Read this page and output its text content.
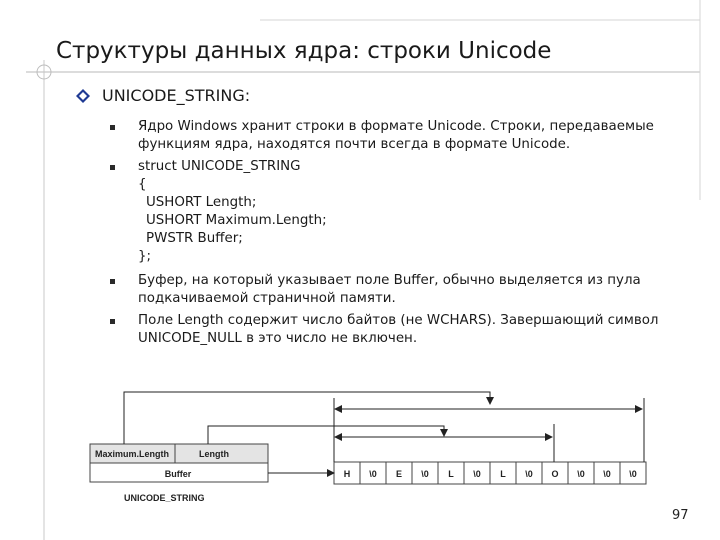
Структуры данных ядра: строки Unicode
UNICODE_STRING:
Ядро Windows хранит строки в формате Unicode. Строки, передаваемые
функциям ядра, находятся почти всегда в формате Unicode.
struct UNICODE_STRING
{
USHORT Length;
USHORT Maximum.Length;
PWSTR Buffer;
};
Буфер, на который указывает поле Buffer, обычно выделяется из пула
подкачиваемой страничной памяти.
Поле Length содержит число байтов (не WCHARS). Завершающий символ
UNICODE_NULL в это число не включен.
Maximum.Length	Length
Buffer
UNICODE_STRING
H \0 E \0 L \0 L \0 O \0 \0 \0
97
